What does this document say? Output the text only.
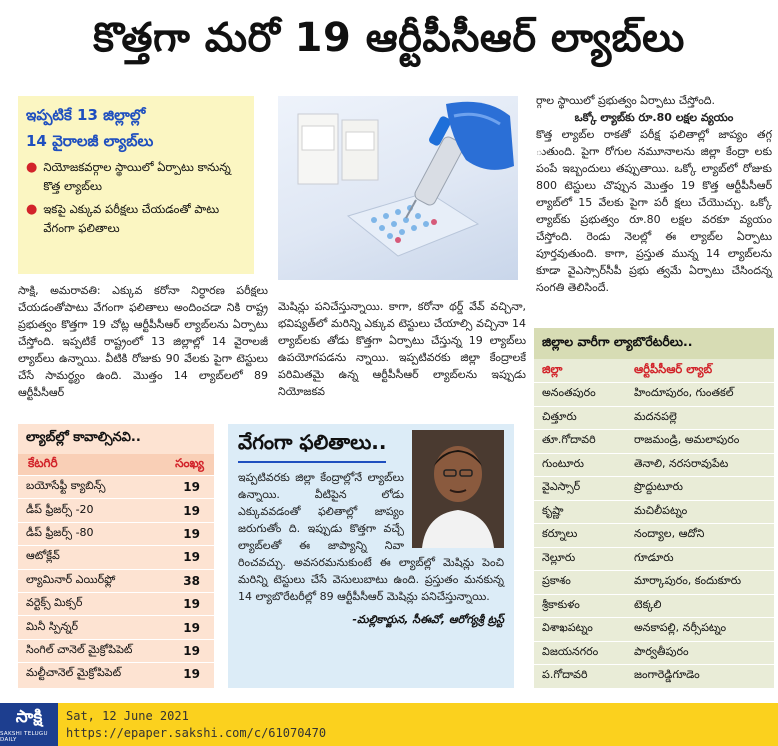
కొత్తగా మరో 19 ఆర్టీపీసీఆర్ ల్యాబ్‌లు
ఇప్పటికే 13 జిల్లాల్లో
14 వైరాలజీ ల్యాబ్‌లు
● నియోజకవర్గాల స్థాయిలో ఏర్పాటు కానున్న కొత్త ల్యాబ్‌లు
● ఇకపై ఎక్కువ పరీక్షలు చేయడంతో పాటు వేగంగా ఫలితాలు
సాక్షి, అమరావతి: ఎక్కువ కరోనా నిర్ధారణ పరీక్షలు చేయడంతోపాటు వేగంగా ఫలితాలు అందించడా నికి రాష్ట్ర ప్రభుత్వం కొత్తగా 19 చోట్ల ఆర్టీపీసీఆర్ ల్యాబ్‌లను ఏర్పాటు చేస్తోంది. ఇప్పటికే రాష్ట్రంలో 13 జిల్లాల్లో 14 వైరాలజీ ల్యాబ్‌లు ఉన్నాయి. వీటికి రోజుకు 90 వేలకు పైగా టెస్టులు చేసే సామర్థ్యం ఉంది. మొత్తం 14 ల్యాబ్‌లలో 89 ఆర్టీపీసీఆర్
మెషిన్లు పనిచేస్తున్నాయి. కాగా, కరోనా థర్డ్ వేవ్ వచ్చినా, భవిష్యత్‌లో మరిన్ని ఎక్కువ టెస్టులు చేయాల్సి వచ్చినా 14 ల్యాబ్‌లకు తోడు కొత్తగా ఏర్పాటు చేస్తున్న 19 ల్యాబ్‌లు ఉపయోగపడను న్నాయి. ఇప్పటివరకు జిల్లా కేంద్రాలకే పరిమితమై ఉన్న ఆర్టీపీసీఆర్ ల్యాబ్‌లను ఇప్పుడు నియోజకవ
ర్గాల స్థాయిలో ప్రభుత్వం ఏర్పాటు చేస్తోంది.
ఒక్కో ల్యాబ్‌కు రూ.80 లక్షల వ్యయం
కొత్త ల్యాబ్‌ల రాకతో పరీక్ష ఫలితాల్లో జాప్యం తగ్గ ుతుంది. పైగా రోగుల నమూనాలను జిల్లా కేంద్రా లకు పంపే ఇబ్బందులు తప్పుతాయి. ఒక్కో ల్యాబ్‌లో రోజుకు 800 టెస్టులు చొప్పున మొత్తం 19 కొత్త ఆర్టీపీసీఆర్ ల్యాబ్‌లో 15 వేలకు పైగా పరీ క్షలు చేయొచ్చు. ఒక్కో ల్యాబ్‌కు ప్రభుత్వం రూ.80 లక్షల వరకూ వ్యయం చేస్తోంది. రెండు నెలల్లో ఈ ల్యాబ్‌ల ఏర్పాటు పూర్తవుతుంది. కాగా, ప్రస్తుత మున్న 14 ల్యాబ్‌లను కూడా వైఎస్సార్‌సీపీ ప్రభు త్వమే ఏర్పాటు చేసిందన్న సంగతి తెలిసిందే.
ల్యాబ్‌ల్లో కావాల్సినవి..
కేటగిరీ	సంఖ్య
బయోసేఫ్టీ క్యాబిన్స్	19
డీప్ ఫ్రీజర్స్ -20	19
డీప్ ఫ్రీజర్స్ -80	19
ఆటోక్లేవ్	19
ల్యామినార్ ఎయిర్‌ఫ్లో	38
వర్టెక్స్ మిక్సర్	19
మినీ స్పిన్నర్	19
సింగిల్ చానెల్ మైక్రోపిపెట్	19
మల్టీచానెల్ మైక్రోపిపెట్	19
వేగంగా ఫలితాలు..
ఇప్పటివరకు జిల్లా కేంద్రాల్లోనే ల్యాబ్‌లు ఉన్నాయి. వీటిపైన లోడు ఎక్కువవడంతో ఫలితాల్లో జాప్యం జరుగుతోం ది. ఇప్పుడు కొత్తగా వచ్చే ల్యాబ్‌లతో ఈ జాప్యాన్ని నివా రించవచ్చు. అవసరమనుకుంటే ఈ ల్యాబ్‌ల్లో మెషిన్లు పెంచి మరిన్ని టెస్టులు చేసే వెసులుబాటు ఉంది. ప్రస్తుతం మనకున్న 14 ల్యాబొరేటరీల్లో 89 ఆర్టీపీసీఆర్ మెషిన్లు పనిచేస్తున్నాయి.
-మల్లికార్జున, సీఈవో, ఆరోగ్యశ్రీ ట్రస్ట్
జిల్లాల వారీగా ల్యాబొరేటరీలు..
జిల్లా	ఆర్టీపీసీఆర్ ల్యాబ్
అనంతపురం	హిందూపురం, గుంతకల్
చిత్తూరు	మదనపల్లె
తూ.గోదావరి	రాజమండ్రి, అమలాపురం
గుంటూరు	తెనాలి, నరసరావుపేట
వైఎస్సార్	ప్రొద్దుటూరు
కృష్ణా	మచిలీపట్నం
కర్నూలు	నంద్యాల, ఆదోని
నెల్లూరు	గూడూరు
ప్రకాశం	మార్కాపురం, కందుకూరు
శ్రీకాకుళం	టెక్కలి
విశాఖపట్నం	అనకాపల్లి, నర్సీపట్నం
విజయనగరం	పార్వతీపురం
ప.గోదావరి	జంగారెడ్డిగూడెం
సాక్షి
SAKSHI TELUGU DAILY
Sat, 12 June 2021
https://epaper.sakshi.com/c/61070470
